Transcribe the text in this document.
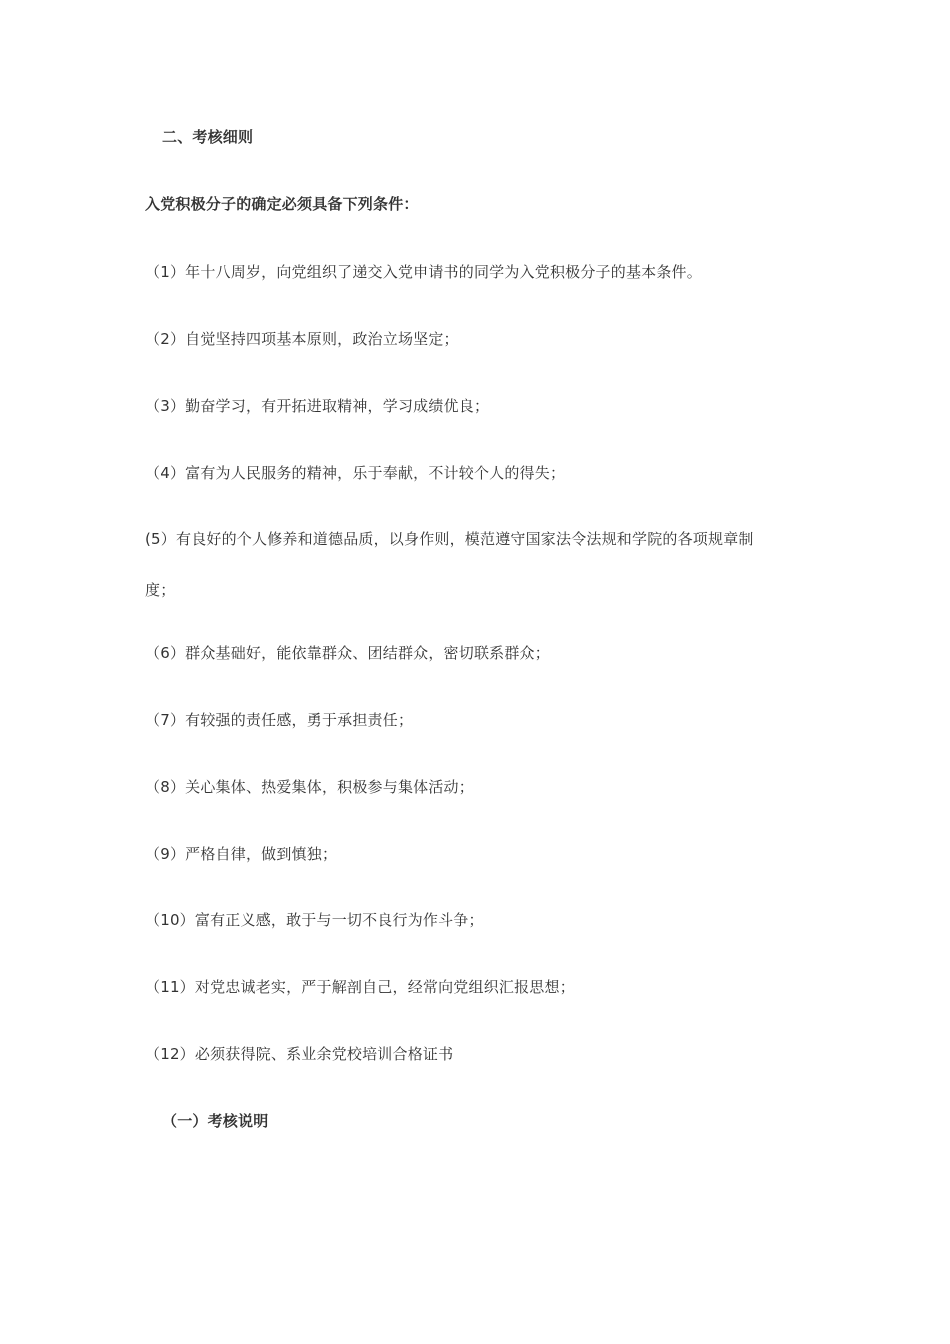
二、考核细则
入党积极分子的确定必须具备下列条件：
（1）年十八周岁，向党组织了递交入党申请书的同学为入党积极分子的基本条件。
（2）自觉坚持四项基本原则，政治立场坚定；
（3）勤奋学习，有开拓进取精神，学习成绩优良；
（4）富有为人民服务的精神，乐于奉献，不计较个人的得失；
(5）有良好的个人修养和道德品质，以身作则，模范遵守国家法令法规和学院的各项规章制
度；
（6）群众基础好，能依靠群众、团结群众，密切联系群众；
（7）有较强的责任感，勇于承担责任；
（8）关心集体、热爱集体，积极参与集体活动；
（9）严格自律，做到慎独；
（10）富有正义感，敢于与一切不良行为作斗争；
（11）对党忠诚老实，严于解剖自己，经常向党组织汇报思想；
（12）必须获得院、系业余党校培训合格证书
（一）考核说明
